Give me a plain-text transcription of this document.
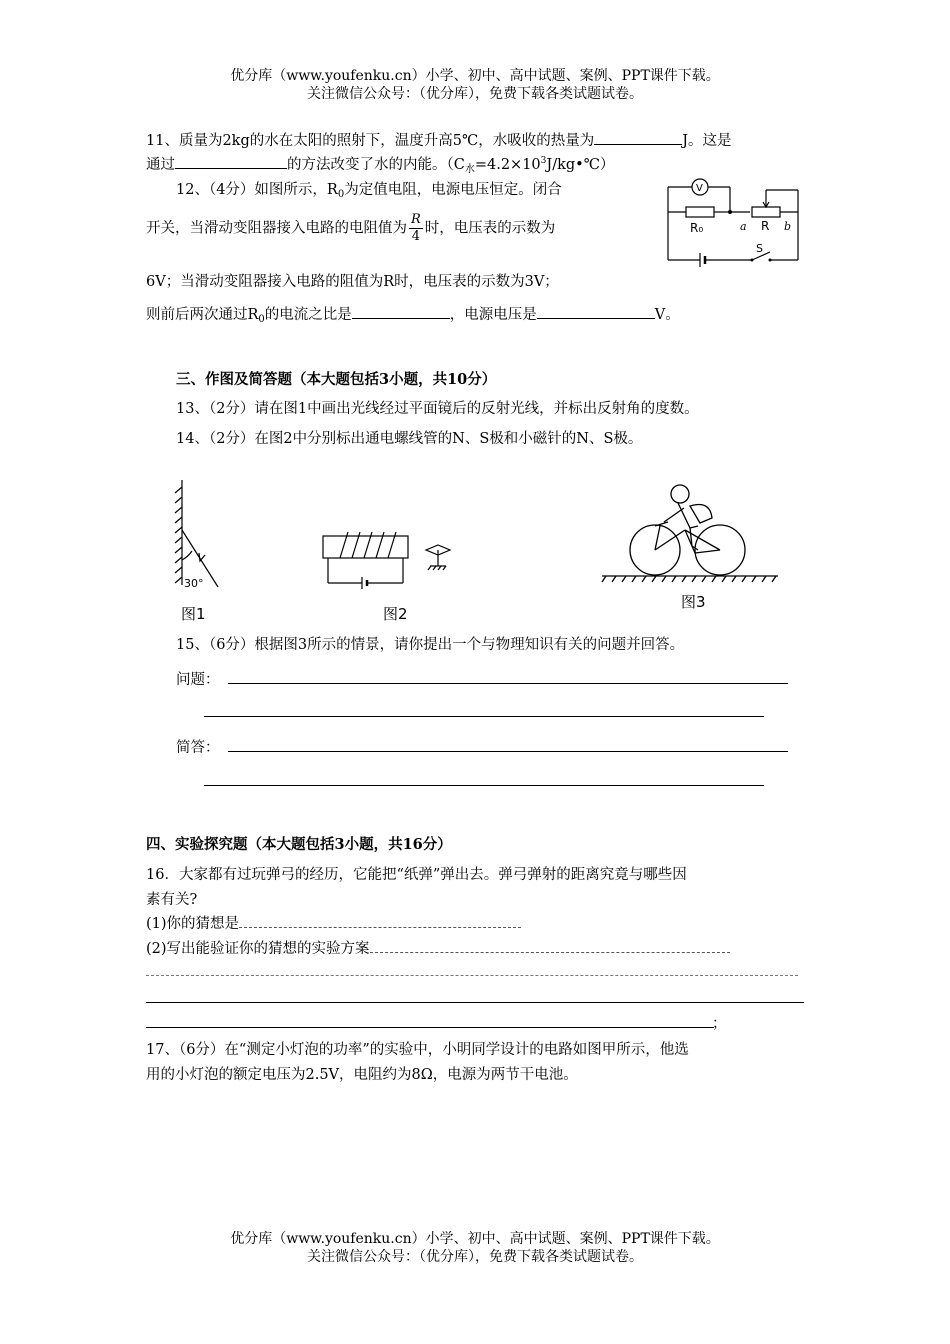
优分库（www.youfenku.cn）小学、初中、高中试题、案例、PPT课件下载。
关注微信公众号：（优分库），免费下载各类试题试卷。
11、质量为2kg的水在太阳的照射下，温度升高5℃，水吸收的热量为	J。这是
通过	的方法改变了水的内能。$(C_水=4.2\times 10^3J/kg•℃)$
12、（4分）如图所示，$R_0$为定值电阻，电源电压恒定。闭合
开关，当滑动变阻器接入电路的电阻值为 $\frac{R}{4}$ 时，电压表的示数为
6V；当滑动变阻器接入电路的阻值为R时，电压表的示数为3V；
则前后两次通过$R_0$的电流之比是	，电源电压是	V。
V
R₀	a R b
S
三、作图及简答题（本大题包括3小题，共10分）
13、（2分）请在图1中画出光线经过平面镜后的反射光线，并标出反射角的度数。
14、（2分）在图2中分别标出通电螺线管的N、S极和小磁针的N、S极。
30°
图1	图2
图3
15、（6分）根据图3所示的情景，请你提出一个与物理知识有关的问题并回答。
问题：
简答：
四、实验探究题（本大题包括3小题，共16分）
16．大家都有过玩弹弓的经历，它能把“纸弹”弹出去。弹弓弹射的距离究竟与哪些因
素有关?
(1)你的猜想是
(2)写出能验证你的猜想的实验方案
；
17、（6分）在“测定小灯泡的功率”的实验中，小明同学设计的电路如图甲所示，他选
用的小灯泡的额定电压为2.5V，电阻约为8Ω，电源为两节干电池。
优分库（www.youfenku.cn）小学、初中、高中试题、案例、PPT课件下载。
关注微信公众号：（优分库），免费下载各类试题试卷。
